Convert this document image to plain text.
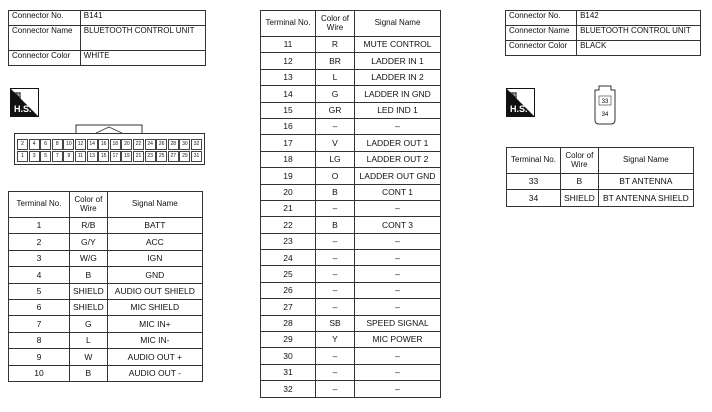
Connector No.	B141
Connector Name	BLUETOOTH CONTROL UNIT
Connector Color	WHITE
▦
H.S.
2	4	6	8	10	12	14	16	18	20	22	24	26	28	30	32
1	3	5	7	9	11	13	15	17	19	21	23	25	27	29	31
Terminal No.	Color of Wire	Signal Name
1	R/B	BATT
2	G/Y	ACC
3	W/G	IGN
4	B	GND
5	SHIELD	AUDIO OUT SHIELD
6	SHIELD	MIC SHIELD
7	G	MIC IN+
8	L	MIC IN-
9	W	AUDIO OUT +
10	B	AUDIO OUT -
Terminal No.	Color of Wire	Signal Name
11	R	MUTE CONTROL
12	BR	LADDER IN 1
13	L	LADDER IN 2
14	G	LADDER IN GND
15	GR	LED IND 1
16	–	–
17	V	LADDER OUT 1
18	LG	LADDER OUT 2
19	O	LADDER OUT GND
20	B	CONT 1
21	–	–
22	B	CONT 3
23	–	–
24	–	–
25	–	–
26	–	–
27	–	–
28	SB	SPEED SIGNAL
29	Y	MIC POWER
30	–	–
31	–	–
32	–	–
Connector No.	B142
Connector Name	BLUETOOTH CONTROL UNIT
Connector Color	BLACK
▦
H.S.
33
34
Terminal No.	Color of Wire	Signal Name
33	B	BT ANTENNA
34	SHIELD	BT ANTENNA SHIELD
